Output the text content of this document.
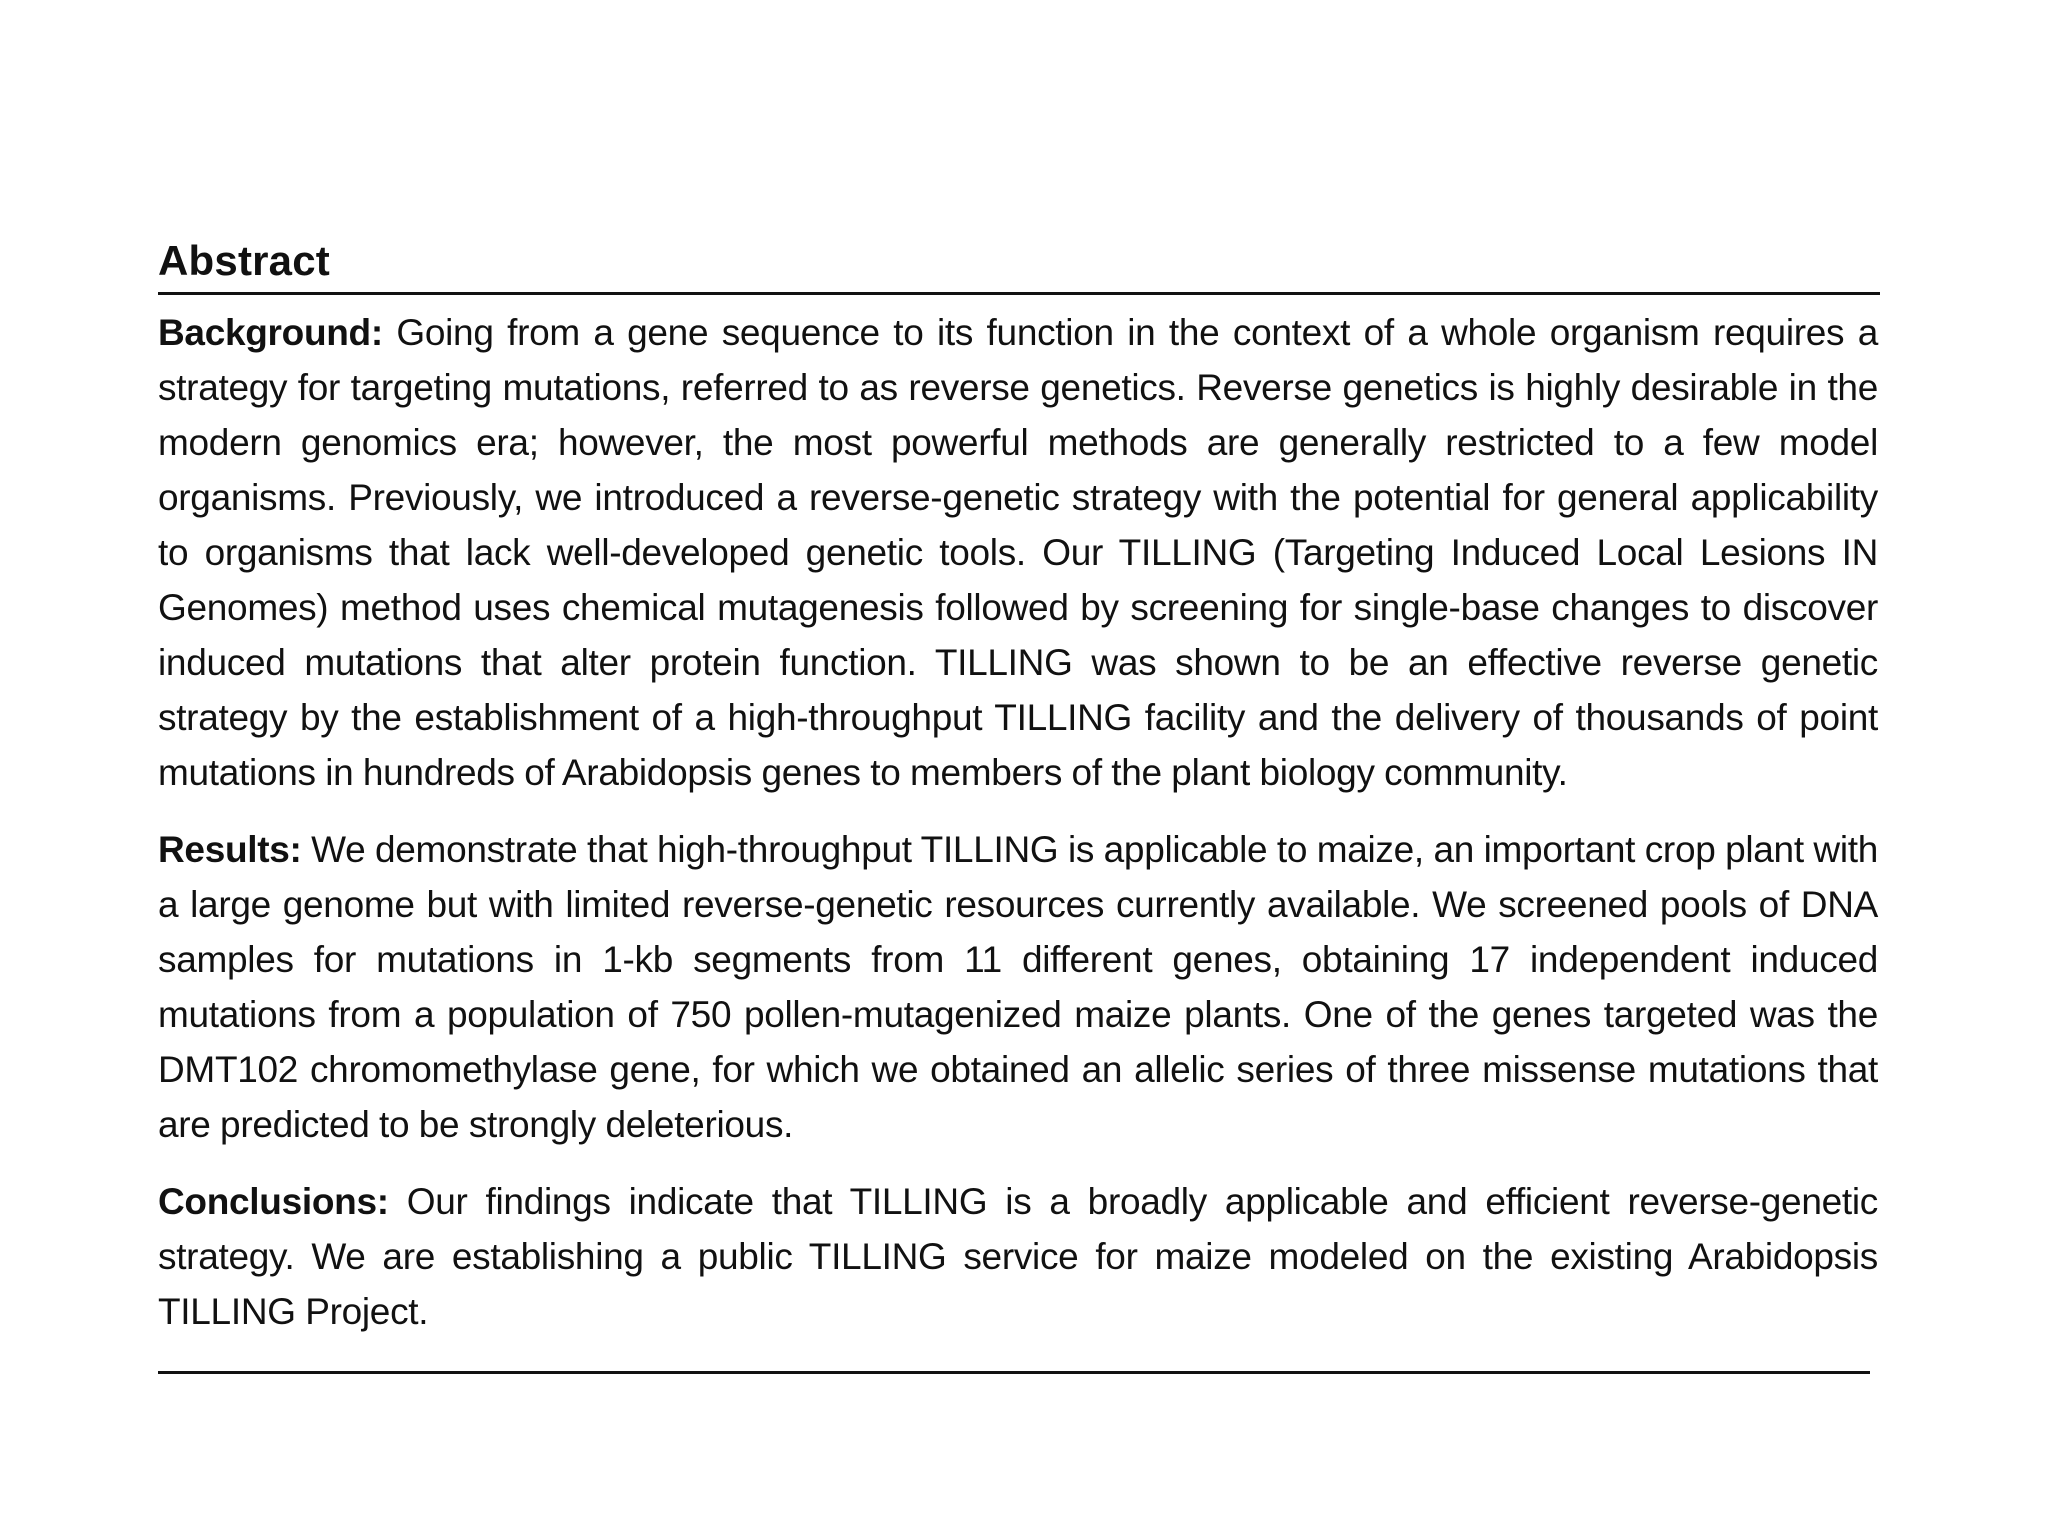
Abstract

Background: Going from a gene sequence to its function in the context of a whole organism requires a strategy for targeting mutations, referred to as reverse genetics. Reverse genetics is highly desirable in the modern genomics era; however, the most powerful methods are generally restricted to a few model organisms. Previously, we introduced a reverse-genetic strategy with the potential for general applicability to organisms that lack well-developed genetic tools. Our TILLING (Targeting Induced Local Lesions IN Genomes) method uses chemical mutagenesis followed by screening for single-base changes to discover induced mutations that alter protein function. TILLING was shown to be an effective reverse genetic strategy by the establishment of a high-throughput TILLING facility and the delivery of thousands of point mutations in hundreds of Arabidopsis genes to members of the plant biology community.

Results: We demonstrate that high-throughput TILLING is applicable to maize, an important crop plant with a large genome but with limited reverse-genetic resources currently available. We screened pools of DNA samples for mutations in 1-kb segments from 11 different genes, obtaining 17 independent induced mutations from a population of 750 pollen-mutagenized maize plants. One of the genes targeted was the DMT102 chromomethylase gene, for which we obtained an allelic series of three missense mutations that are predicted to be strongly deleterious.

Conclusions: Our findings indicate that TILLING is a broadly applicable and efficient reverse-genetic strategy. We are establishing a public TILLING service for maize modeled on the existing Arabidopsis TILLING Project.
